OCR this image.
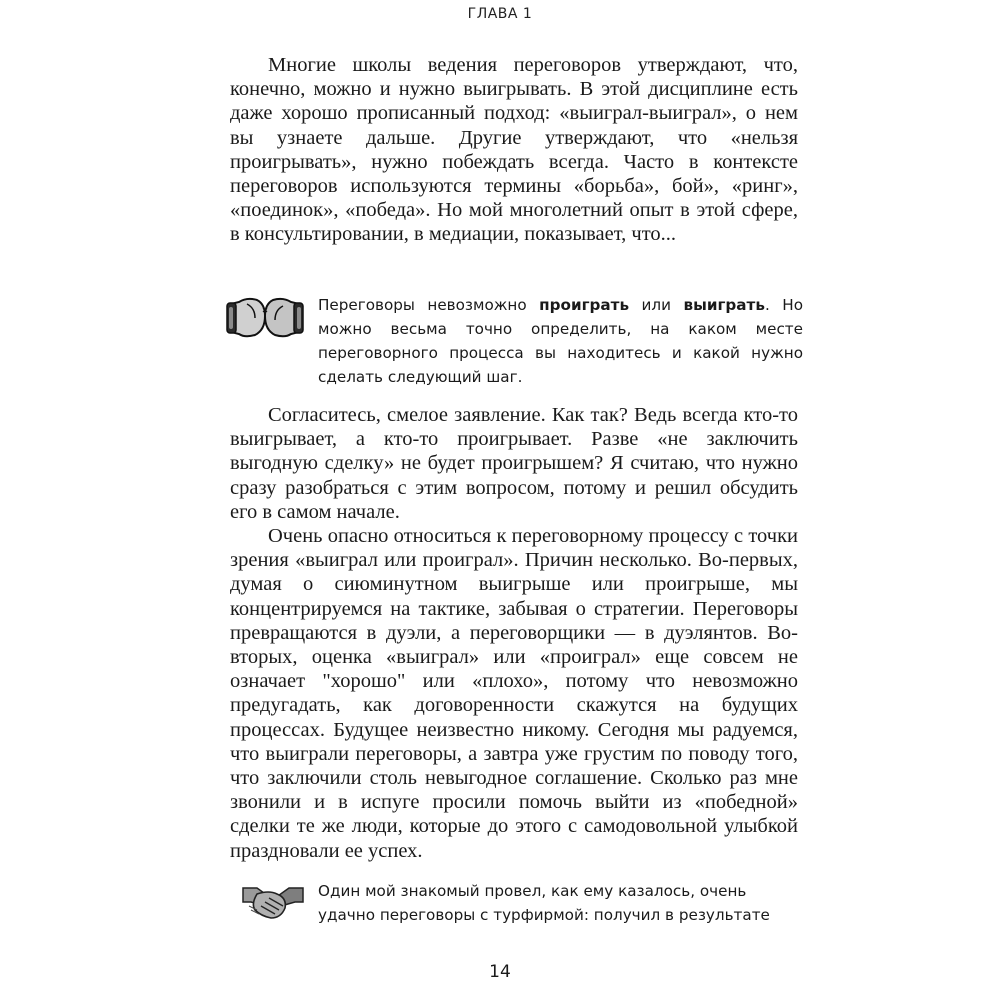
ГЛАВА 1

Многие школы ведения переговоров утверждают, что, конечно, можно и нужно выигрывать. В этой дисциплине есть даже хорошо прописанный подход: «выиграл-выиграл», о нем вы узнаете дальше. Другие утверждают, что «нельзя проигрывать», нужно побеждать всегда. Часто в контексте переговоров используются термины «борьба», бой», «ринг», «поединок», «победа». Но мой многолетний опыт в этой сфере, в консультировании, в медиации, показывает, что...

Переговоры невозможно проиграть или выиграть. Но можно весьма точно определить, на каком месте переговорного процесса вы находитесь и какой нужно сделать следующий шаг.

Согласитесь, смелое заявление. Как так? Ведь всегда кто-то выигрывает, а кто-то проигрывает. Разве «не заключить выгодную сделку» не будет проигрышем? Я считаю, что нужно сразу разобраться с этим вопросом, потому и решил обсудить его в самом начале.

Очень опасно относиться к переговорному процессу с точки зрения «выиграл или проиграл». Причин несколько. Во-первых, думая о сиюминутном выигрыше или проигрыше, мы концентрируемся на тактике, забывая о стратегии. Переговоры превращаются в дуэли, а переговорщики — в дуэлянтов. Во-вторых, оценка «выиграл» или «проиграл» еще совсем не означает "хорошо" или «плохо», потому что невозможно предугадать, как договоренности скажутся на будущих процессах. Будущее неизвестно никому. Сегодня мы радуемся, что выиграли переговоры, а завтра уже грустим по поводу того, что заключили столь невыгодное соглашение. Сколько раз мне звонили и в испуге просили помочь выйти из «победной» сделки те же люди, которые до этого с самодовольной улыбкой праздновали ее успех.

Один мой знакомый провел, как ему казалось, очень
удачно переговоры с турфирмой: получил в результате

14
